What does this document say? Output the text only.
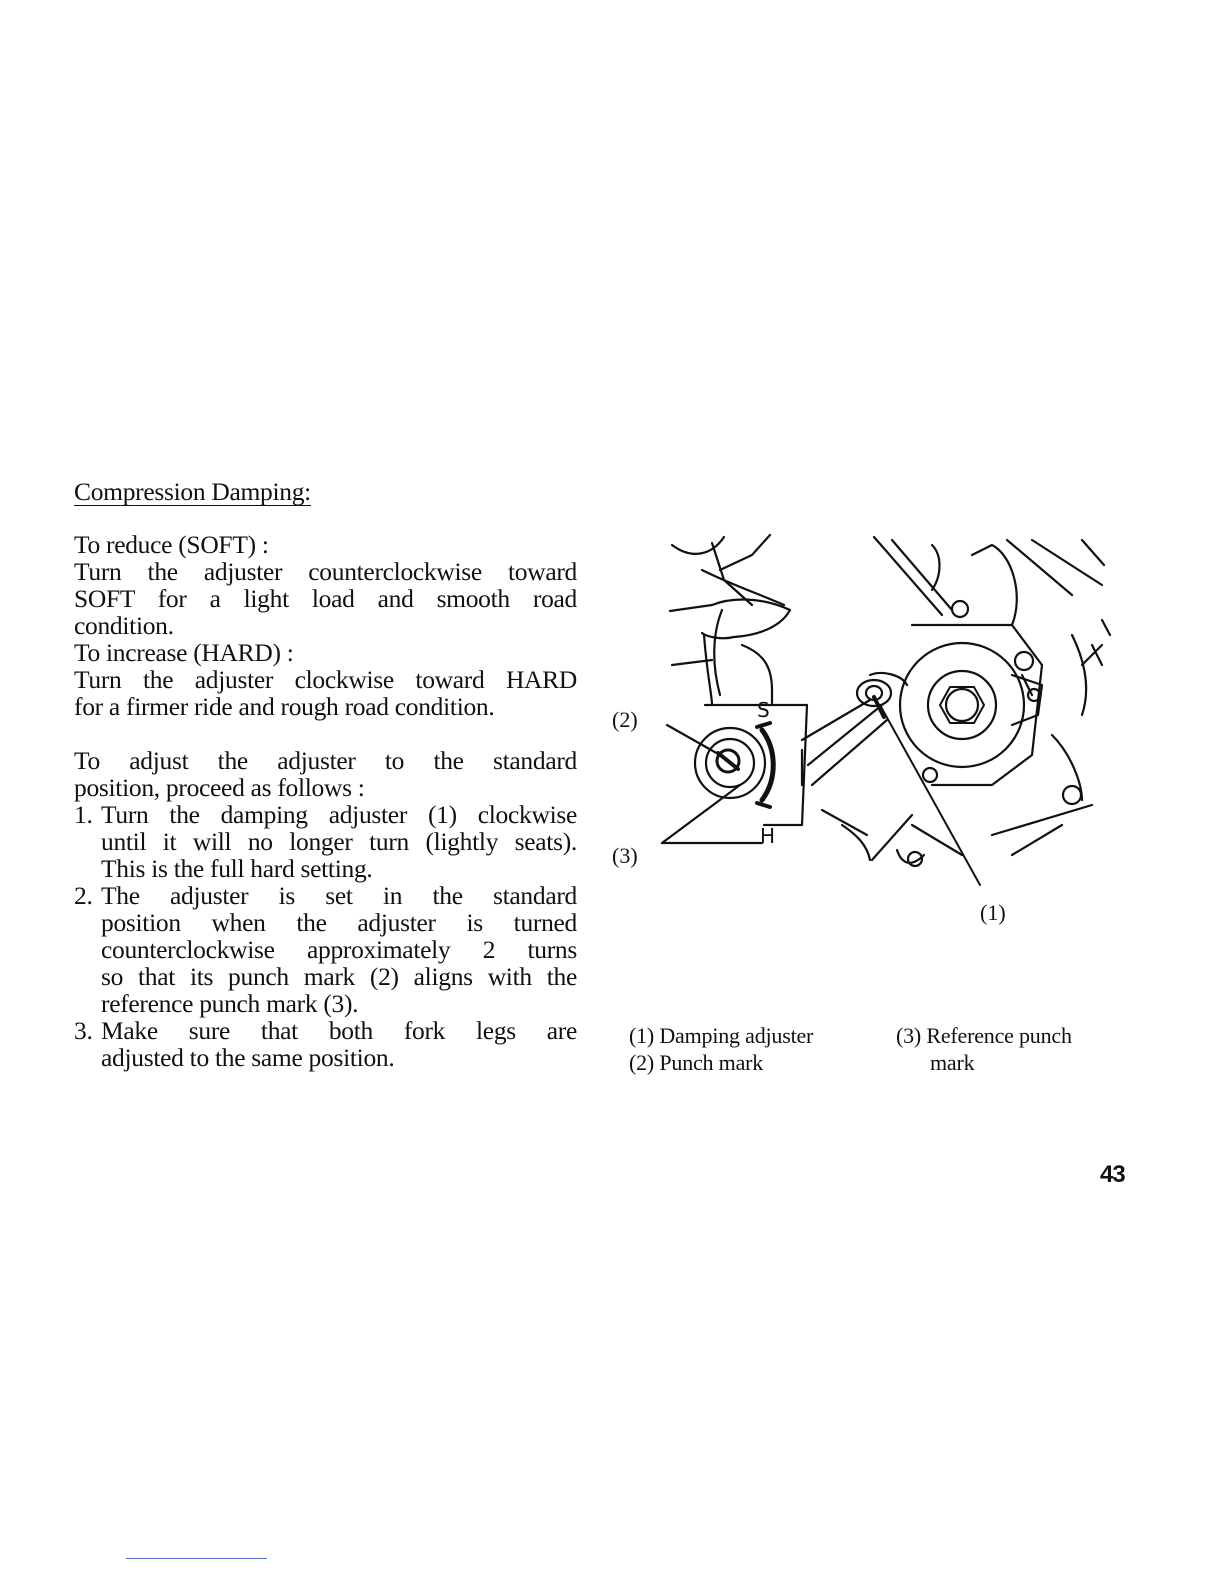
Compression Damping:

To reduce (SOFT) :

Turn the adjuster counterclockwise toward

SOFT for a light load and smooth road

condition.

To increase (HARD) :

Turn the adjuster clockwise toward HARD

for a firmer ride and rough road condition.

To adjust the adjuster to the standard

position, proceed as follows :

1. Turn the damping adjuster (1) clockwise
until it will no longer turn (lightly seats).
This is the full hard setting.
2. The adjuster is set in the standard
position when the adjuster is turned
counterclockwise approximately 2 turns
so that its punch mark (2) aligns with the
reference punch mark (3).
3. Make sure that both fork legs are
adjusted to the same position.
S
H
(2)
(3)
(1)
(1) Damping adjuster
(2) Punch mark
(3) Reference punch
mark
43
